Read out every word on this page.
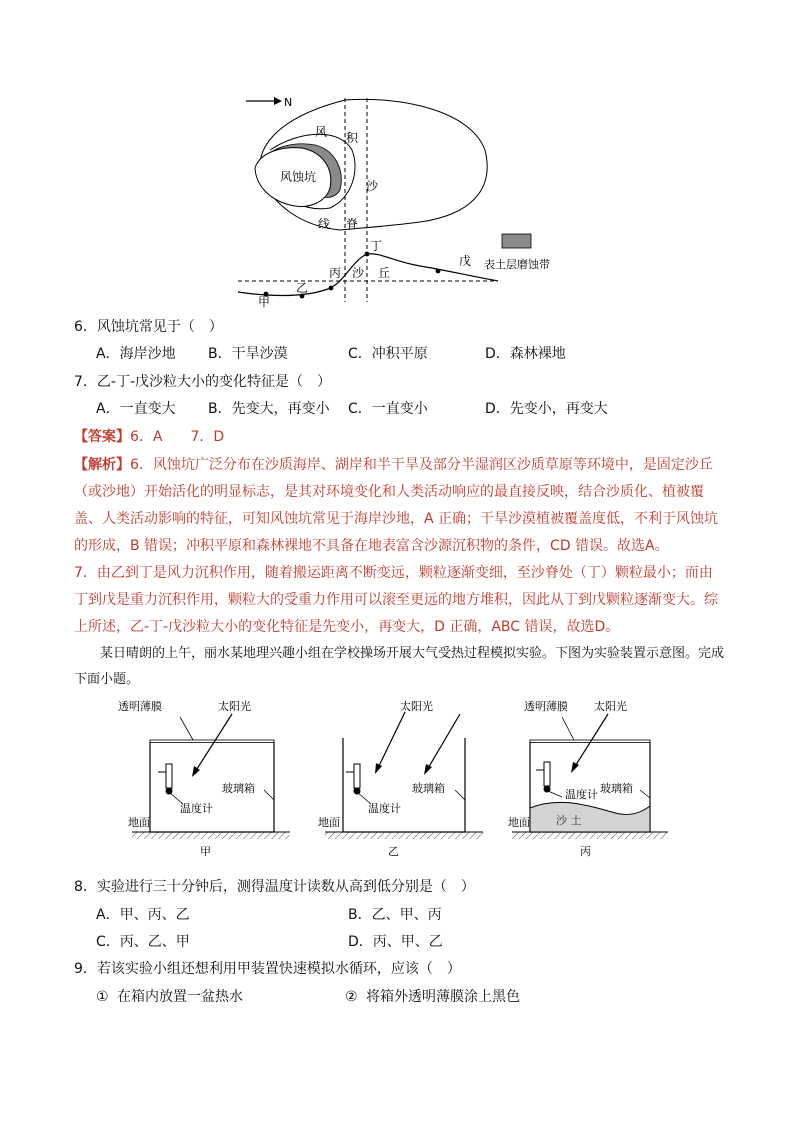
N
风 积
沙
线 脊
风蚀坑
丁
戊
丙 沙 丘
乙
甲
表土层磨蚀带
6．风蚀坑常见于（　）
A．海岸沙地 B．干旱沙漠	C．冲积平原	D．森林裸地
7．乙-丁-戊沙粒大小的变化特征是（　）
A．一直变大 B．先变大，再变小 C．一直变小	D．先变小，再变大
【答案】6．A　　7．D
【解析】6．风蚀坑广泛分布在沙质海岸、湖岸和半干旱及部分半湿润区沙质草原等环境中，是固定沙丘（或沙地）开始活化的明显标志，是其对环境变化和人类活动响应的最直接反映，结合沙质化、植被覆盖、人类活动影响的特征，可知风蚀坑常见于海岸沙地，A 正确；干旱沙漠植被覆盖度低，不利于风蚀坑的形成，B 错误；冲积平原和森林裸地不具备在地表富含沙源沉积物的条件，CD 错误。故选A。
7．由乙到丁是风力沉积作用，随着搬运距离不断变远，颗粒逐渐变细，至沙脊处（丁）颗粒最小；而由丁到戊是重力沉积作用，颗粒大的受重力作用可以滚至更远的地方堆积，因此从丁到戊颗粒逐渐变大。综上所述，乙-丁-戊沙粒大小的变化特征是先变小，再变大，D 正确，ABC 错误，故选D。
某日晴朗的上午，丽水某地理兴趣小组在学校操场开展大气受热过程模拟实验。下图为实验装置示意图。完成下面小题。
透明薄膜	太阳光
温度计
玻璃箱
地面
甲
太阳光
温度计
玻璃箱
地面
乙
透明薄膜 太阳光
温度计 玻璃箱
地面 沙 土
丙
8．实验进行三十分钟后，测得温度计读数从高到低分别是（　）
A．甲、丙、乙	B．乙、甲、丙
C．丙、乙、甲	D．丙、甲、乙
9．若该实验小组还想利用甲装置快速模拟水循环，应该（　）
① 在箱内放置一盆热水	② 将箱外透明薄膜涂上黑色
